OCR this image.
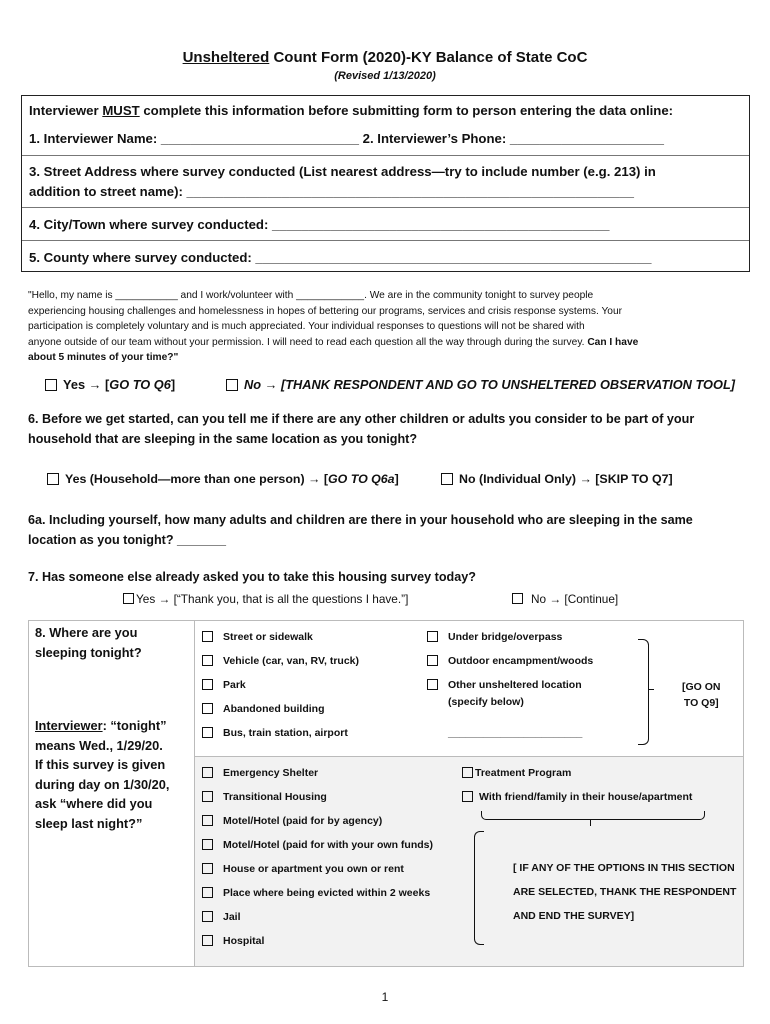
Unsheltered Count Form (2020)-KY Balance of State CoC
(Revised 1/13/2020)
Interviewer MUST complete this information before submitting form to person entering the data online:
1. Interviewer Name: ___________________________ 2. Interviewer’s Phone: _____________________
3. Street Address where survey conducted (List nearest address—try to include number (e.g. 213) in
addition to street name): _____________________________________________________________
4. City/Town where survey conducted: ______________________________________________
5. County where survey conducted: ______________________________________________________

"Hello, my name is ___________ and I work/volunteer with ____________. We are in the community tonight to survey people

experiencing housing challenges and homelessness in hopes of bettering our programs, services and crisis response systems. Your

participation is completely voluntary and is much appreciated. Your individual responses to questions will not be shared with

anyone outside of our team without your permission. I will need to read each question all the way through during the survey. Can I have

about 5 minutes of your time?"

Yes → [GO TO Q6]	No → [THANK RESPONDENT AND GO TO UNSHELTERED OBSERVATION TOOL]
6. Before we get started, can you tell me if there are any other children or adults you consider to be part of your
household that are sleeping in the same location as you tonight?
Yes (Household—more than one person) → [GO TO Q6a]	No (Individual Only) → [SKIP TO Q7]
6a. Including yourself, how many adults and children are there in your household who are sleeping in the same
location as you tonight? _______
7. Has someone else already asked you to take this housing survey today?
Yes → [“Thank you, that is all the questions I have.”]	No → [Continue]
8. Where are you
sleeping tonight?
Interviewer: “tonight”
means Wed., 1/29/20.
If this survey is given
during day on 1/30/20,
ask “where did you
sleep last night?”
Street or sidewalk
Vehicle (car, van, RV, truck)
Park
Abandoned building
Bus, train station, airport
Under bridge/overpass
Outdoor encampment/woods
Other unsheltered location
(specify below)
_______________________
[GO ON
TO Q9]
Emergency Shelter
Transitional Housing
Motel/Hotel (paid for by agency)
Motel/Hotel (paid for with your own funds)
House or apartment you own or rent
Place where being evicted within 2 weeks
Jail
Hospital
Treatment Program
With friend/family in their house/apartment
[ IF ANY OF THE OPTIONS IN THIS SECTION
ARE SELECTED, THANK THE RESPONDENT
AND END THE SURVEY]
1
